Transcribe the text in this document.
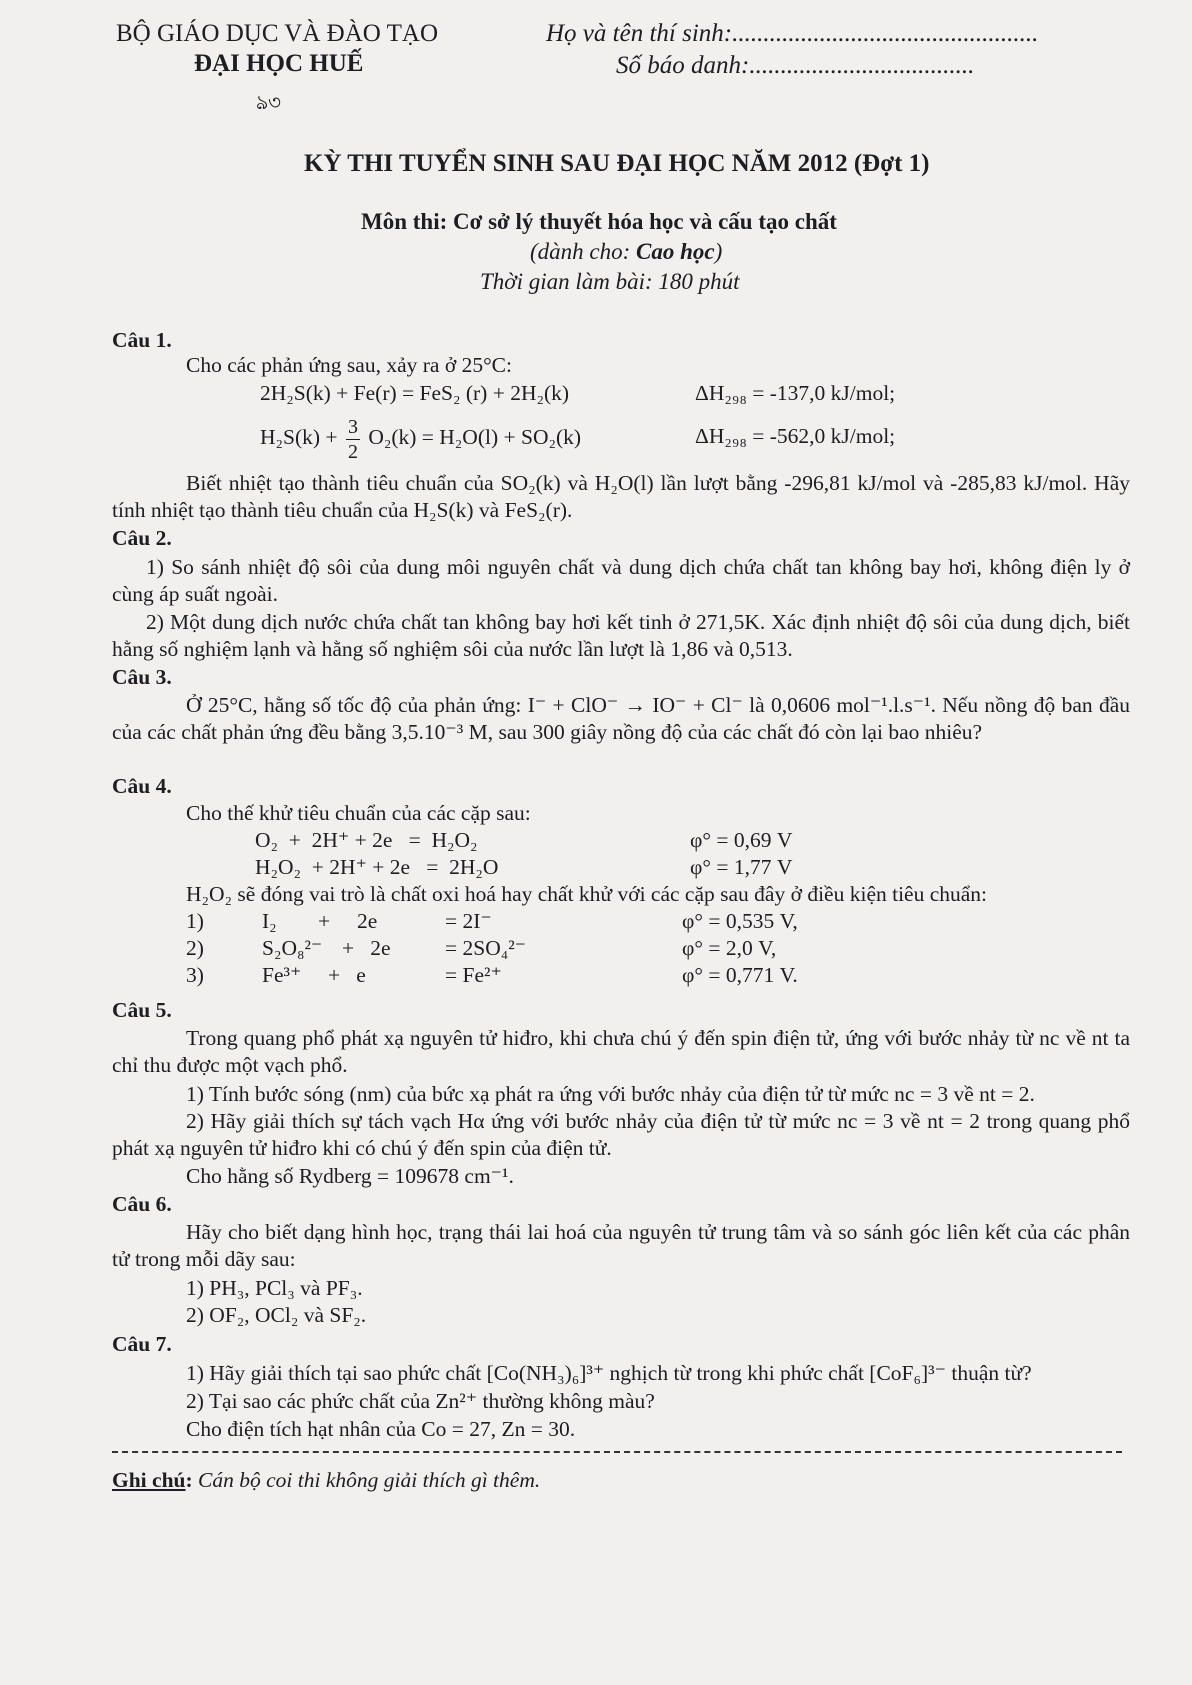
BỘ GIÁO DỤC VÀ ĐÀO TẠO
ĐẠI HỌC HUẾ
ঌ৩
Họ và tên thí sinh:.................................................
Số báo danh:....................................
KỲ THI TUYỂN SINH SAU ĐẠI HỌC NĂM 2012 (Đợt 1)
Môn thi: Cơ sở lý thuyết hóa học và cấu tạo chất
(dành cho: Cao học)
Thời gian làm bài: 180 phút
Câu 1.
Cho các phản ứng sau, xảy ra ở 25°C:
2H₂S(k) + Fe(r) = FeS₂ (r) + 2H₂(k)	ΔH₂₉₈ = -137,0 kJ/mol;
$H_2S(k) + \frac{3}{2} O_2(k) = H_2O(l) + SO_2(k)$	ΔH₂₉₈ = -562,0 kJ/mol;
Biết nhiệt tạo thành tiêu chuẩn của SO₂(k) và H₂O(l) lần lượt bằng -296,81 kJ/mol và -285,83 kJ/mol. Hãy tính nhiệt tạo thành tiêu chuẩn của H₂S(k) và FeS₂(r).
Câu 2.
1) So sánh nhiệt độ sôi của dung môi nguyên chất và dung dịch chứa chất tan không bay hơi, không điện ly ở cùng áp suất ngoài.
2) Một dung dịch nước chứa chất tan không bay hơi kết tinh ở 271,5K. Xác định nhiệt độ sôi của dung dịch, biết hằng số nghiệm lạnh và hằng số nghiệm sôi của nước lần lượt là 1,86 và 0,513.
Câu 3.
Ở 25°C, hằng số tốc độ của phản ứng: I⁻ + ClO⁻ → IO⁻ + Cl⁻ là 0,0606 mol⁻¹.l.s⁻¹. Nếu nồng độ ban đầu của các chất phản ứng đều bằng 3,5.10⁻³ M, sau 300 giây nồng độ của các chất đó còn lại bao nhiêu?
Câu 4.
Cho thế khử tiêu chuẩn của các cặp sau:
O₂  +  2H⁺ + 2e   =  H₂O₂	φ° = 0,69 V
H₂O₂  + 2H⁺ + 2e   =  2H₂O	φ° = 1,77 V
H₂O₂ sẽ đóng vai trò là chất oxi hoá hay chất khử với các cặp sau đây ở điều kiện tiêu chuẩn:
1)	I₂ +     2e	= 2I⁻	φ° = 0,535 V,
2)	S₂O₈²⁻ +   2e	= 2SO₄²⁻	φ° = 2,0 V,
3)	Fe³⁺ +   e	= Fe²⁺	φ° = 0,771 V.
Câu 5.
Trong quang phổ phát xạ nguyên tử hiđro, khi chưa chú ý đến spin điện tử, ứng với bước nhảy từ nc về nt ta chỉ thu được một vạch phổ.
1) Tính bước sóng (nm) của bức xạ phát ra ứng với bước nhảy của điện tử từ mức nc = 3 về nt = 2.
2) Hãy giải thích sự tách vạch Hα ứng với bước nhảy của điện tử từ mức nc = 3 về nt = 2 trong quang phổ phát xạ nguyên tử hiđro khi có chú ý đến spin của điện tử.
Cho hằng số Rydberg = 109678 cm⁻¹.
Câu 6.
Hãy cho biết dạng hình học, trạng thái lai hoá của nguyên tử trung tâm và so sánh góc liên kết của các phân tử trong mỗi dãy sau:
1) PH₃, PCl₃ và PF₃.
2) OF₂, OCl₂ và SF₂.
Câu 7.
1) Hãy giải thích tại sao phức chất [Co(NH₃)₆]³⁺ nghịch từ trong khi phức chất [CoF₆]³⁻ thuận từ?
2) Tại sao các phức chất của Zn²⁺ thường không màu?
Cho điện tích hạt nhân của Co = 27, Zn = 30.
Ghi chú: Cán bộ coi thi không giải thích gì thêm.
